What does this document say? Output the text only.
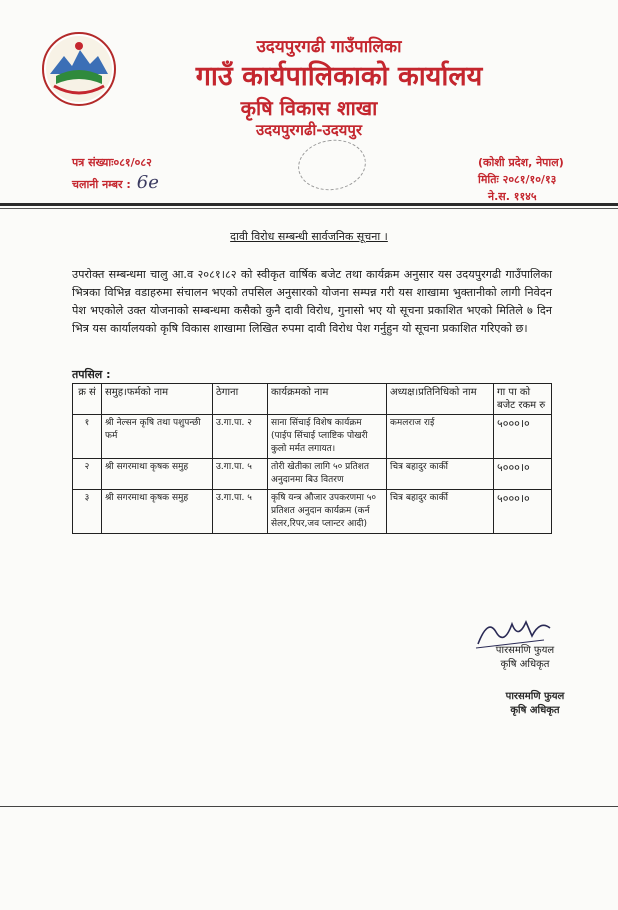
उदयपुरगढी गाउँपालिका
गाउँ कार्यपालिकाको कार्यालय
कृषि विकास शाखा
उदयपुरगढी-उदयपुर
पत्र संख्याः०८१/०८२
चलानी नम्बर : 6e
(कोशी प्रदेश, नेपाल)
मितिः २०८१/१०/१३
ने.स. ११४५
दावी विरोध सम्बन्धी सार्वजनिक सूचना ।
उपरोक्त सम्बन्धमा चालु आ.व २०८१।८२ को स्वीकृत वार्षिक बजेट तथा कार्यक्रम अनुसार यस उदयपुरगढी गाउँपालिका भित्रका विभिन्न वडाहरुमा संचालन भएको तपसिल अनुसारको योजना सम्पन्न गरी यस शाखामा भुक्तानीको लागी निवेदन पेश भएकोले उक्त योजनाको सम्बन्धमा कसैको कुनै दावी विरोध, गुनासो भए यो सूचना प्रकाशित भएको मितिले ७ दिन भित्र यस कार्यालयको कृषि विकास शाखामा लिखित रुपमा दावी विरोध पेश गर्नुहुन यो सूचना प्रकाशित गरिएको छ।
तपसिल :
क्र सं	समुह।फर्मको नाम	ठेगाना	कार्यक्रमको नाम	अध्यक्ष।प्रतिनिधिको नाम	गा पा को बजेट रकम रु
१	श्री नेल्सन कृषि तथा पशुपन्छी फर्म	उ.गा.पा. २	साना सिंचाई विशेष कार्यक्रम (पाईप सिंचाई प्लाष्टिक पोखरी कुलो मर्मत लगायत।	कमलराज राई	५०००।०
२	श्री सगरमाथा कृषक समुह	उ.गा.पा. ५	तोरी खेतीका लागि ५० प्रतिशत अनुदानमा बिउ वितरण	चित्र बहादुर कार्की	५०००।०
३	श्री सगरमाथा कृषक समुह	उ.गा.पा. ५	कृषि यन्त्र औजार उपकरणमा ५० प्रतिशत अनुदान कार्यक्रम (कर्न सेलर,रिपर,जव प्लान्टर आदी)	चित्र बहादुर कार्की	५०००।०
पारसमणि फुयल
कृषि अधिकृत
पारसमणि फुयल
कृषि अधिकृत
